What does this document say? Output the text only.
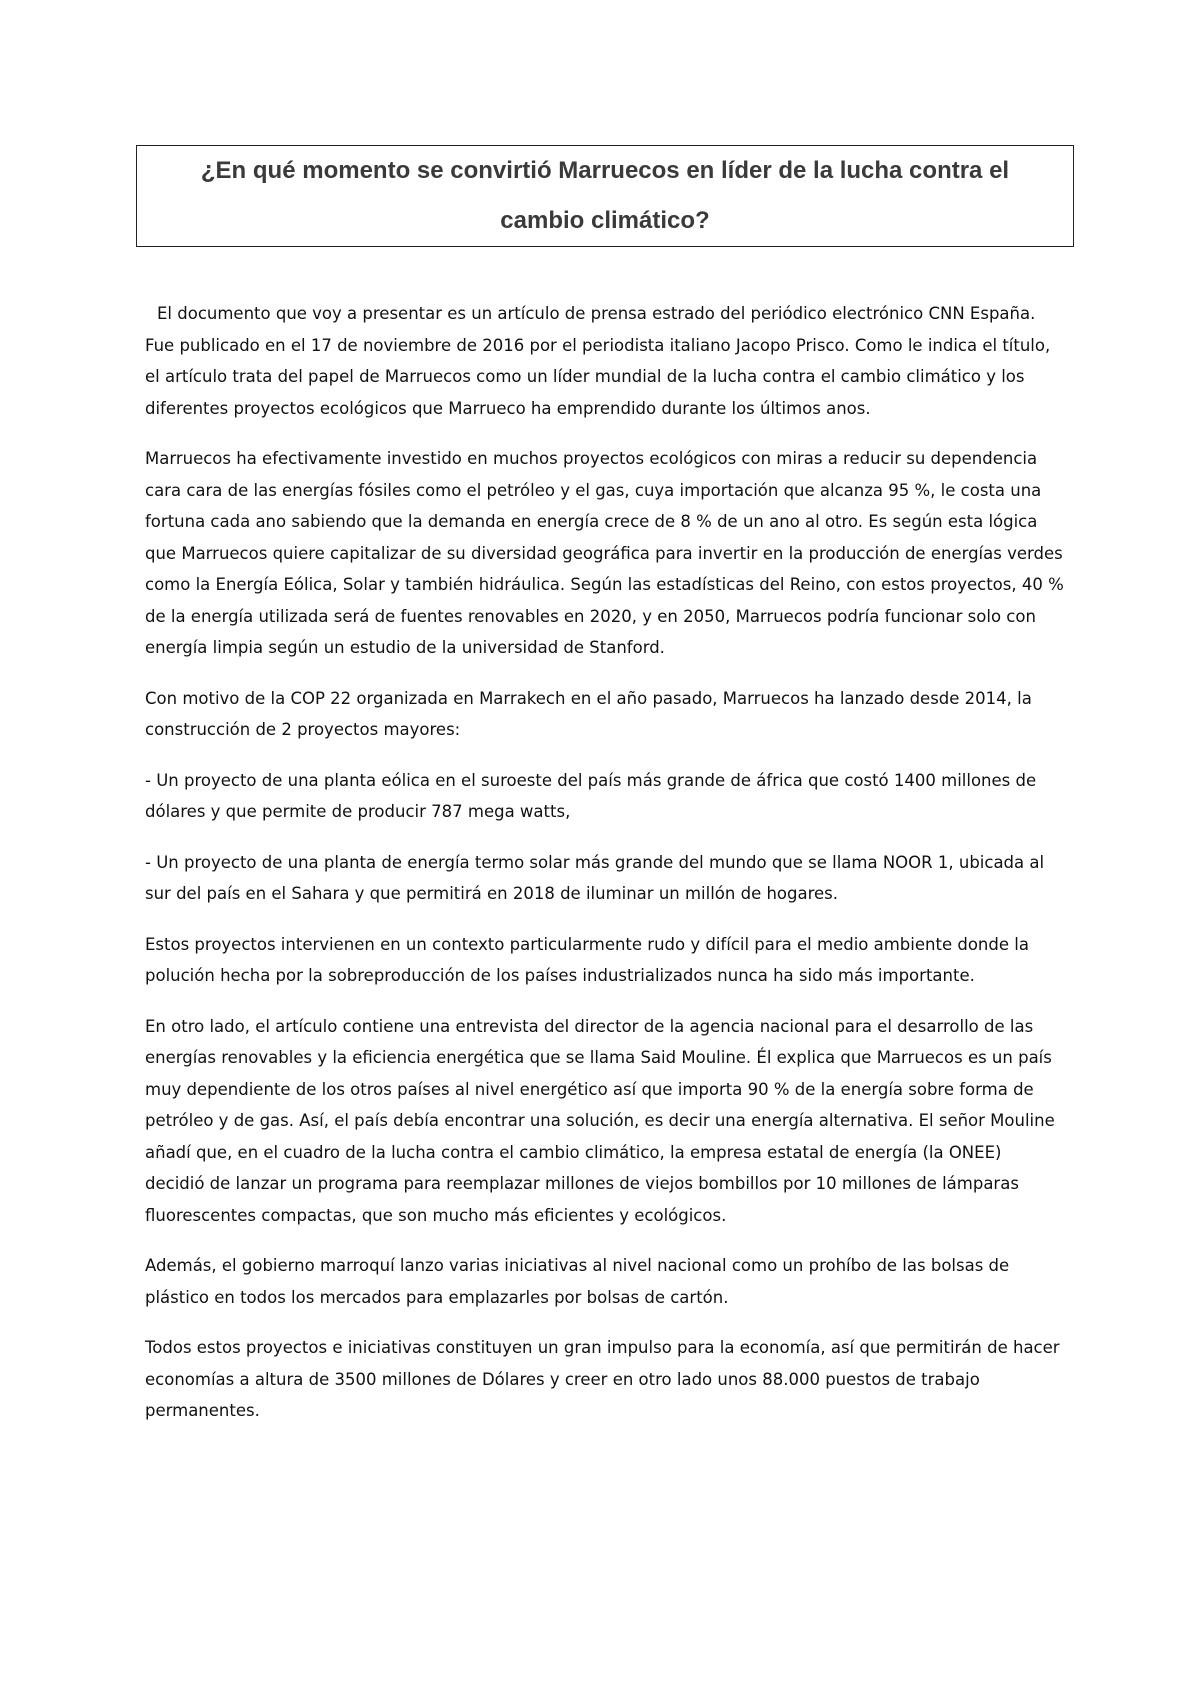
¿En qué momento se convirtió Marruecos en líder de la lucha contra el cambio climático?

El documento que voy a presentar es un artículo de prensa estrado del periódico electrónico CNN España. Fue publicado en el 17 de noviembre de 2016 por el periodista italiano Jacopo Prisco. Como le indica el título, el artículo trata del papel de Marruecos como un líder mundial de la lucha contra el cambio climático y los diferentes proyectos ecológicos que Marrueco ha emprendido durante los últimos anos.

Marruecos ha efectivamente investido en muchos proyectos ecológicos con miras a reducir su dependencia cara cara de las energías fósiles como el petróleo y el gas, cuya importación que alcanza 95 %, le costa una fortuna cada ano sabiendo que la demanda en energía crece de 8 % de un ano al otro. Es según esta lógica que Marruecos quiere capitalizar de su diversidad geográfica para invertir en la producción de energías verdes como la Energía Eólica, Solar y también hidráulica. Según las estadísticas del Reino, con estos proyectos, 40 % de la energía utilizada será de fuentes renovables en 2020, y en 2050, Marruecos podría funcionar solo con energía limpia según un estudio de la universidad de Stanford.

Con motivo de la COP 22 organizada en Marrakech en el año pasado, Marruecos ha lanzado desde 2014, la construcción de 2 proyectos mayores:

- Un proyecto de una planta eólica en el suroeste del país más grande de áfrica que costó 1400 millones de dólares y que permite de producir 787 mega watts,

- Un proyecto de una planta de energía termo solar más grande del mundo que se llama NOOR 1, ubicada al sur del país en el Sahara y que permitirá en 2018 de iluminar un millón de hogares.

Estos proyectos intervienen en un contexto particularmente rudo y difícil para el medio ambiente donde la polución hecha por la sobreproducción de los países industrializados nunca ha sido más importante.

En otro lado, el artículo contiene una entrevista del director de la agencia nacional para el desarrollo de las energías renovables y la eficiencia energética que se llama Said Mouline. Él explica que Marruecos es un país muy dependiente de los otros países al nivel energético así que importa 90 % de la energía sobre forma de petróleo y de gas. Así, el país debía encontrar una solución, es decir una energía alternativa. El señor Mouline añadí que, en el cuadro de la lucha contra el cambio climático, la empresa estatal de energía (la ONEE) decidió de lanzar un programa para reemplazar millones de viejos bombillos por 10 millones de lámparas fluorescentes compactas, que son mucho más eficientes y ecológicos.

Además, el gobierno marroquí lanzo varias iniciativas al nivel nacional como un prohíbo de las bolsas de plástico en todos los mercados para emplazarles por bolsas de cartón.

Todos estos proyectos e iniciativas constituyen un gran impulso para la economía, así que permitirán de hacer economías a altura de 3500 millones de Dólares y creer en otro lado unos 88.000 puestos de trabajo permanentes.
